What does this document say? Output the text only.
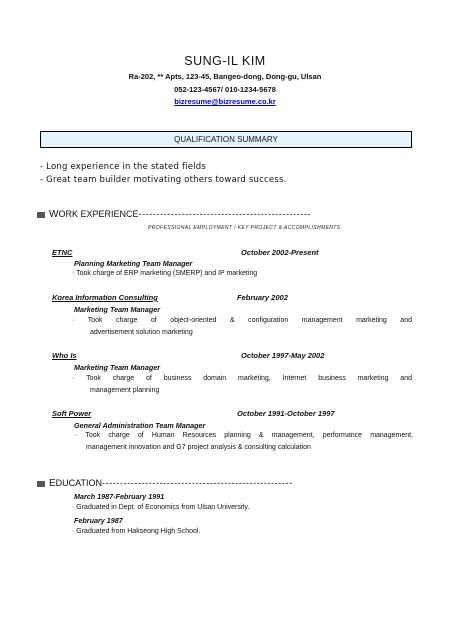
SUNG-IL KIM
Ra-202, ** Apts, 123-45, Bangeo-dong, Dong-gu, Ulsan
052-123-4567/ 010-1234-5678
bizresume@bizresume.co.kr
QUALIFICATION SUMMARY
- Long experience in the stated fields
- Great team builder motivating others toward success.
WORK EXPERIENCE------------------------------------------------
PROFESSIONAL EMPLOYMENT / KEY PROJECT & ACCOMPLISHMENTS
ETNC	October 2002-Present
Planning Marketing Team Manager
· Took charge of ERP marketing (SMERP) and IP marketing
Korea Information Consulting	February 2002
Marketing Team Manager
· Took charge of object-oriented & configuration management marketing and
advertisement solution marketing
Who Is	October 1997-May 2002
Marketing Team Manager
· Took charge of business domain marketing, Internet business marketing and
management planning
Soft Power	October 1991-October 1997
General Administration Team Manager
· Took charge of Human Resources planning & management, performance management,
management innovation and G7 project analysis & consulting calculation
EDUCATION-----------------------------------------------------
March 1987-February 1991
· Graduated in Dept. of Economics from Ulsan University.
February 1987
· Graduated from Hakseong High School.
